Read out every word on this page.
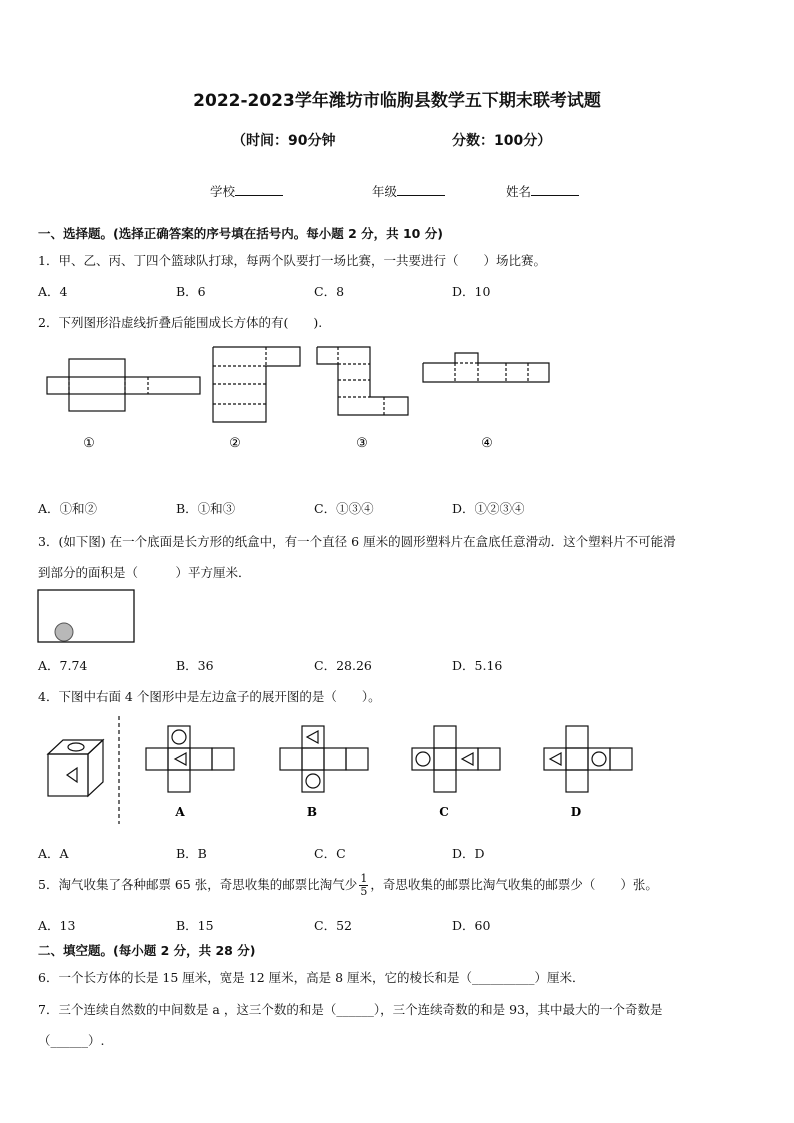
2022-2023学年潍坊市临朐县数学五下期末联考试题
（时间：90分钟	分数：100分）
学校	年级	姓名
一、选择题。(选择正确答案的序号填在括号内。每小题 2 分，共 10 分)
1．甲、乙、丙、丁四个篮球队打球，每两个队要打一场比赛，一共要进行（　　）场比赛。
A．4	B．6	C．8	D．10
2．下列图形沿虚线折叠后能围成长方体的有(　　).
①	②	③	④
A．①和②	B．①和③	C．①③④	D．①②③④
3．(如下图) 在一个底面是长方形的纸盒中，有一个直径 6 厘米的圆形塑料片在盒底任意滑动．这个塑料片不可能滑
到部分的面积是（　　　）平方厘米．
A．7.74	B．36	C．28.26	D．5.16
4．下图中右面 4 个图形中是左边盒子的展开图的是（　　）。
A	B	C	D
A．A	B．B	C．C	D．D
5．淘气收集了各种邮票 65 张，奇思收集的邮票比淘气少 $\frac{1}{5}$ ，奇思收集的邮票比淘气收集的邮票少（　　）张。
A．13	B．15	C．52	D．60
二、填空题。(每小题 2 分，共 28 分)
6．一个长方体的长是 15 厘米，宽是 12 厘米，高是 8 厘米，它的棱长和是（__________）厘米．
7．三个连续自然数的中间数是 a ，这三个数的和是（______），三个连续奇数的和是 93，其中最大的一个奇数是
（______）.
